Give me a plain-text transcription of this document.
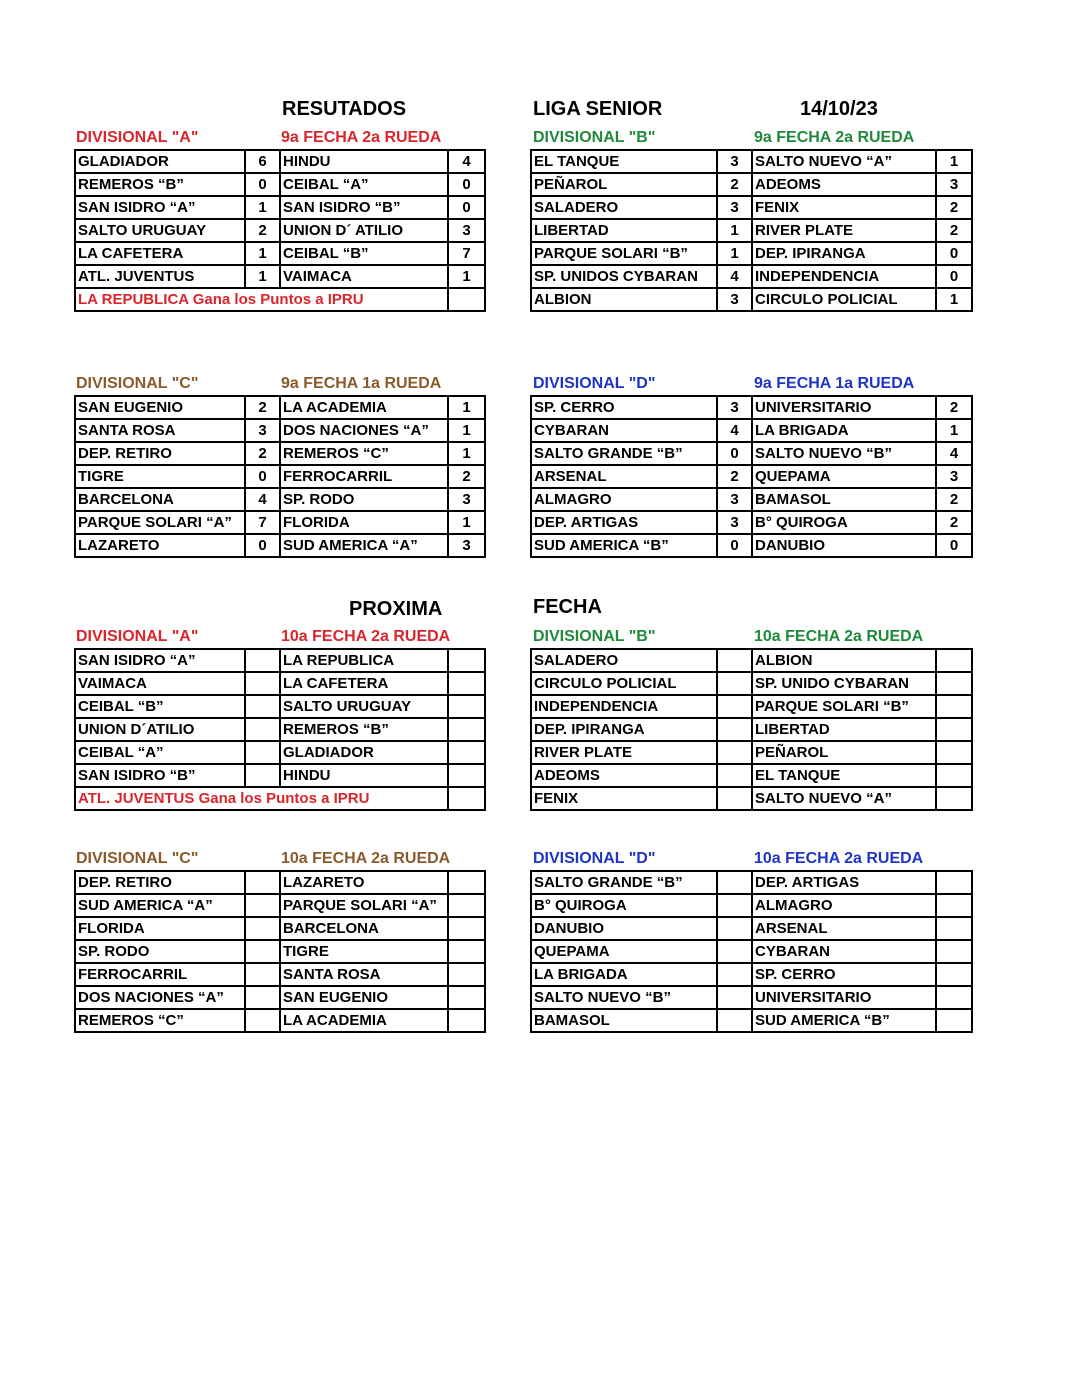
RESUTADOS	LIGA SENIOR	14/10/23
PROXIMA	FECHA
DIVISIONAL "A"	9a FECHA 2a RUEDA	DIVISIONAL "B"	9a FECHA 2a RUEDA
DIVISIONAL "C"	9a FECHA 1a RUEDA	DIVISIONAL "D"	9a FECHA 1a RUEDA
DIVISIONAL "A"	10a FECHA 2a RUEDA	DIVISIONAL "B"	10a FECHA 2a RUEDA
DIVISIONAL "C"	10a FECHA 2a RUEDA	DIVISIONAL "D"	10a FECHA 2a RUEDA
GLADIADOR	6	HINDU	4
REMEROS “B”	0	CEIBAL “A”	0
SAN ISIDRO “A”	1	SAN ISIDRO “B”	0
SALTO URUGUAY	2	UNION D´ ATILIO	3
LA CAFETERA	1	CEIBAL “B”	7
ATL. JUVENTUS	1	VAIMACA	1
LA REPUBLICA Gana los Puntos a IPRU			
EL TANQUE	3	SALTO NUEVO “A”	1
PEÑAROL	2	ADEOMS	3
SALADERO	3	FENIX	2
LIBERTAD	1	RIVER PLATE	2
PARQUE SOLARI “B”	1	DEP. IPIRANGA	0
SP. UNIDOS CYBARAN	4	INDEPENDENCIA	0
ALBION	3	CIRCULO POLICIAL	1
SAN EUGENIO	2	LA ACADEMIA	1
SANTA ROSA	3	DOS NACIONES “A”	1
DEP. RETIRO	2	REMEROS “C”	1
TIGRE	0	FERROCARRIL	2
BARCELONA	4	SP. RODO	3
PARQUE SOLARI “A”	7	FLORIDA	1
LAZARETO	0	SUD AMERICA “A”	3
SP. CERRO	3	UNIVERSITARIO	2
CYBARAN	4	LA BRIGADA	1
SALTO GRANDE “B”	0	SALTO NUEVO “B”	4
ARSENAL	2	QUEPAMA	3
ALMAGRO	3	BAMASOL	2
DEP. ARTIGAS	3	B° QUIROGA	2
SUD AMERICA “B”	0	DANUBIO	0
SAN ISIDRO “A”		LA REPUBLICA	
VAIMACA		LA CAFETERA	
CEIBAL “B”		SALTO URUGUAY	
UNION D´ATILIO		REMEROS “B”	
CEIBAL “A”		GLADIADOR	
SAN ISIDRO “B”		HINDU	
ATL. JUVENTUS Gana los Puntos a IPRU			
SALADERO		ALBION	
CIRCULO POLICIAL		SP. UNIDO CYBARAN	
INDEPENDENCIA		PARQUE SOLARI “B”	
DEP. IPIRANGA		LIBERTAD	
RIVER PLATE		PEÑAROL	
ADEOMS		EL TANQUE	
FENIX		SALTO NUEVO “A”	
DEP. RETIRO		LAZARETO	
SUD AMERICA “A”		PARQUE SOLARI “A”	
FLORIDA		BARCELONA	
SP. RODO		TIGRE	
FERROCARRIL		SANTA ROSA	
DOS NACIONES “A”		SAN EUGENIO	
REMEROS “C”		LA ACADEMIA	
SALTO GRANDE “B”		DEP. ARTIGAS	
B° QUIROGA		ALMAGRO	
DANUBIO		ARSENAL	
QUEPAMA		CYBARAN	
LA BRIGADA		SP. CERRO	
SALTO NUEVO “B”		UNIVERSITARIO	
BAMASOL		SUD AMERICA “B”	
